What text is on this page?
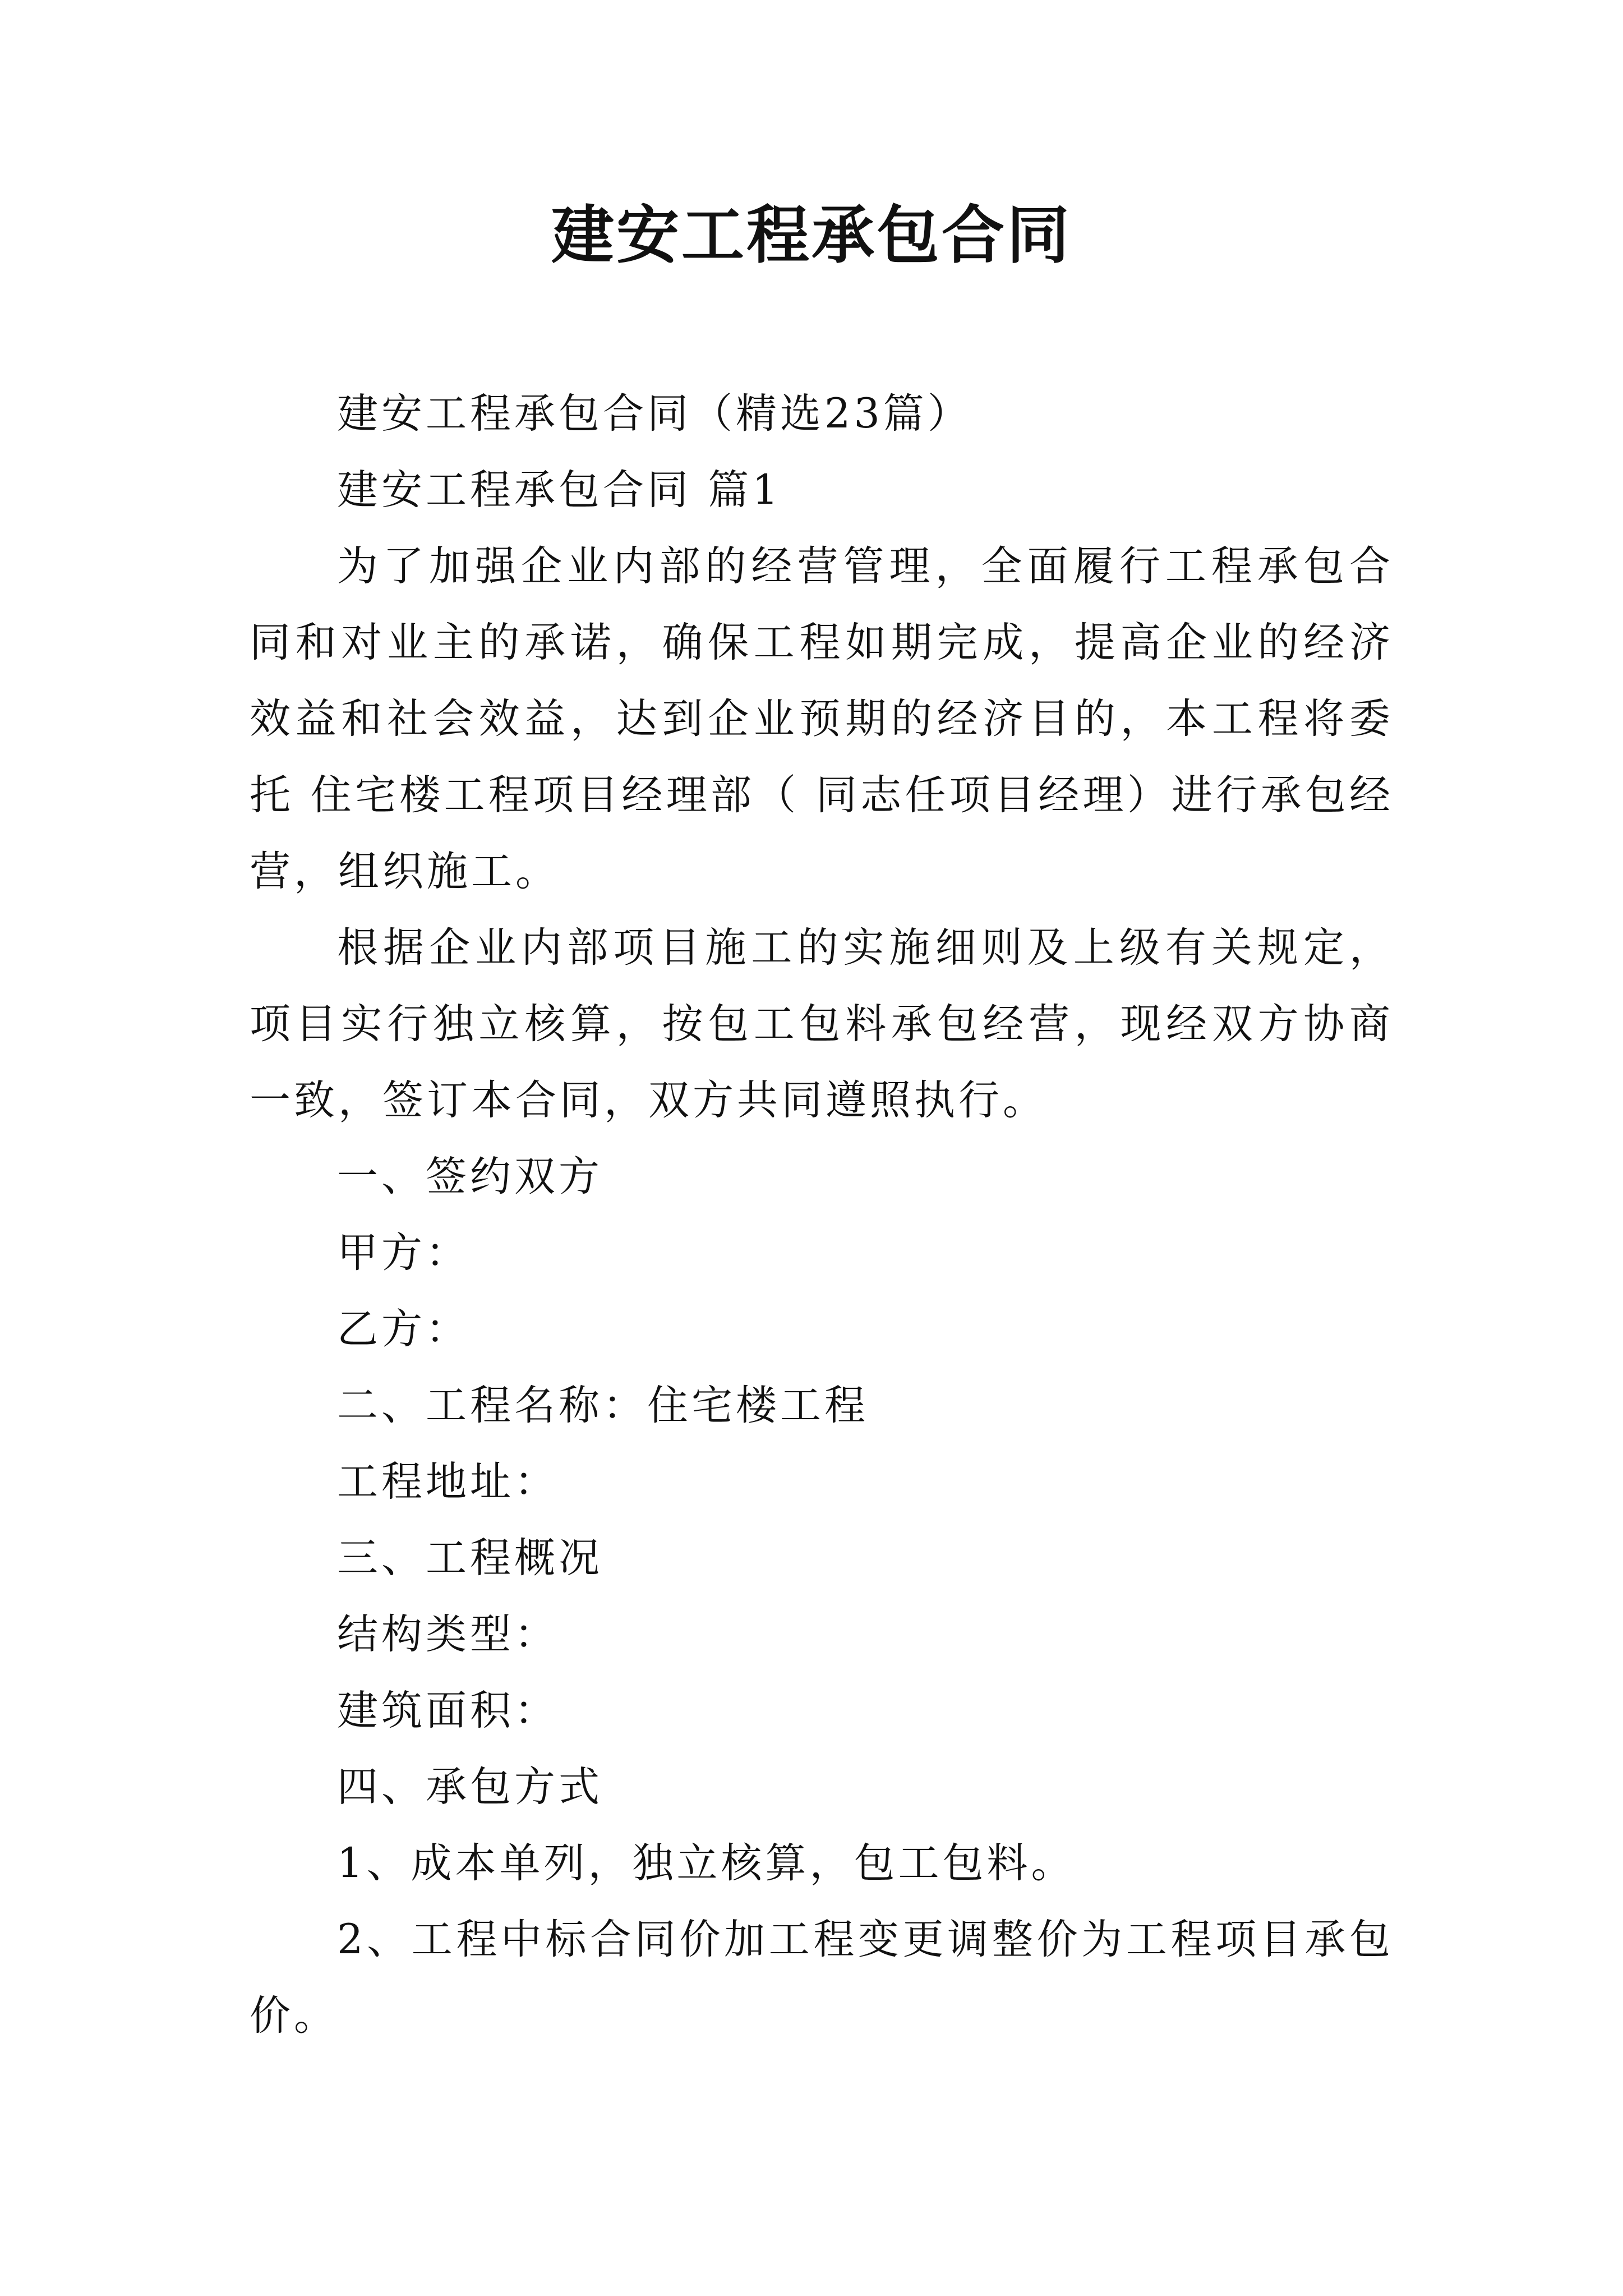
建安工程承包合同

建安工程承包合同（精选23篇）

建安工程承包合同 篇1

为了加强企业内部的经营管理，全面履行工程承包合同和对业主的承诺，确保工程如期完成，提高企业的经济效益和社会效益，达到企业预期的经济目的，本工程将委托 住宅楼工程项目经理部（ 同志任项目经理）进行承包经营，组织施工。

根据企业内部项目施工的实施细则及上级有关规定，项目实行独立核算，按包工包料承包经营，现经双方协商一致，签订本合同，双方共同遵照执行。

一、签约双方

甲方：

乙方：

二、工程名称：住宅楼工程

工程地址：

三、工程概况

结构类型：

建筑面积：

四、承包方式

1、成本单列，独立核算，包工包料。

2、工程中标合同价加工程变更调整价为工程项目承包价。
